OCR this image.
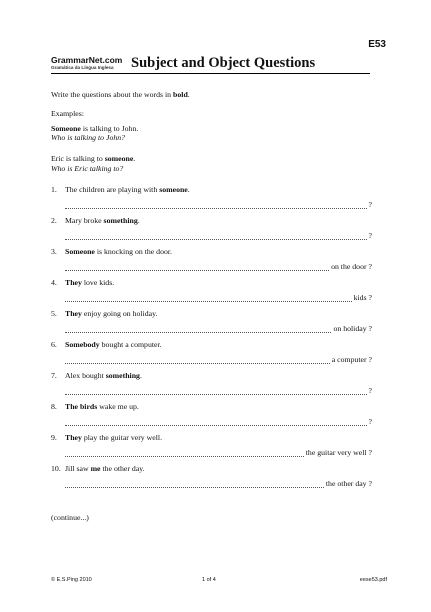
E53
GrammarNet.com
Gramática da Língua Inglesa	Subject and Object Questions
Write the questions about the words in bold.
Examples:
Someone is talking to John.
Who is talking to John?
Eric is talking to someone.
Who is Eric talking to?
1. The children are playing with someone.
?
2. Mary broke something.
?
3. Someone is knocking on the door.
on the door ?
4. They love kids.
kids ?
5. They enjoy going on holiday.
on holiday ?
6. Somebody bought a computer.
a computer ?
7. Alex bought something.
?
8. The birds wake me up.
?
9. They play the guitar very well.
the guitar very well ?
10. Jill saw me the other day.
the other day ?
(continue...)
© E.S.Ping 2010	1 of 4	eese53.pdf
